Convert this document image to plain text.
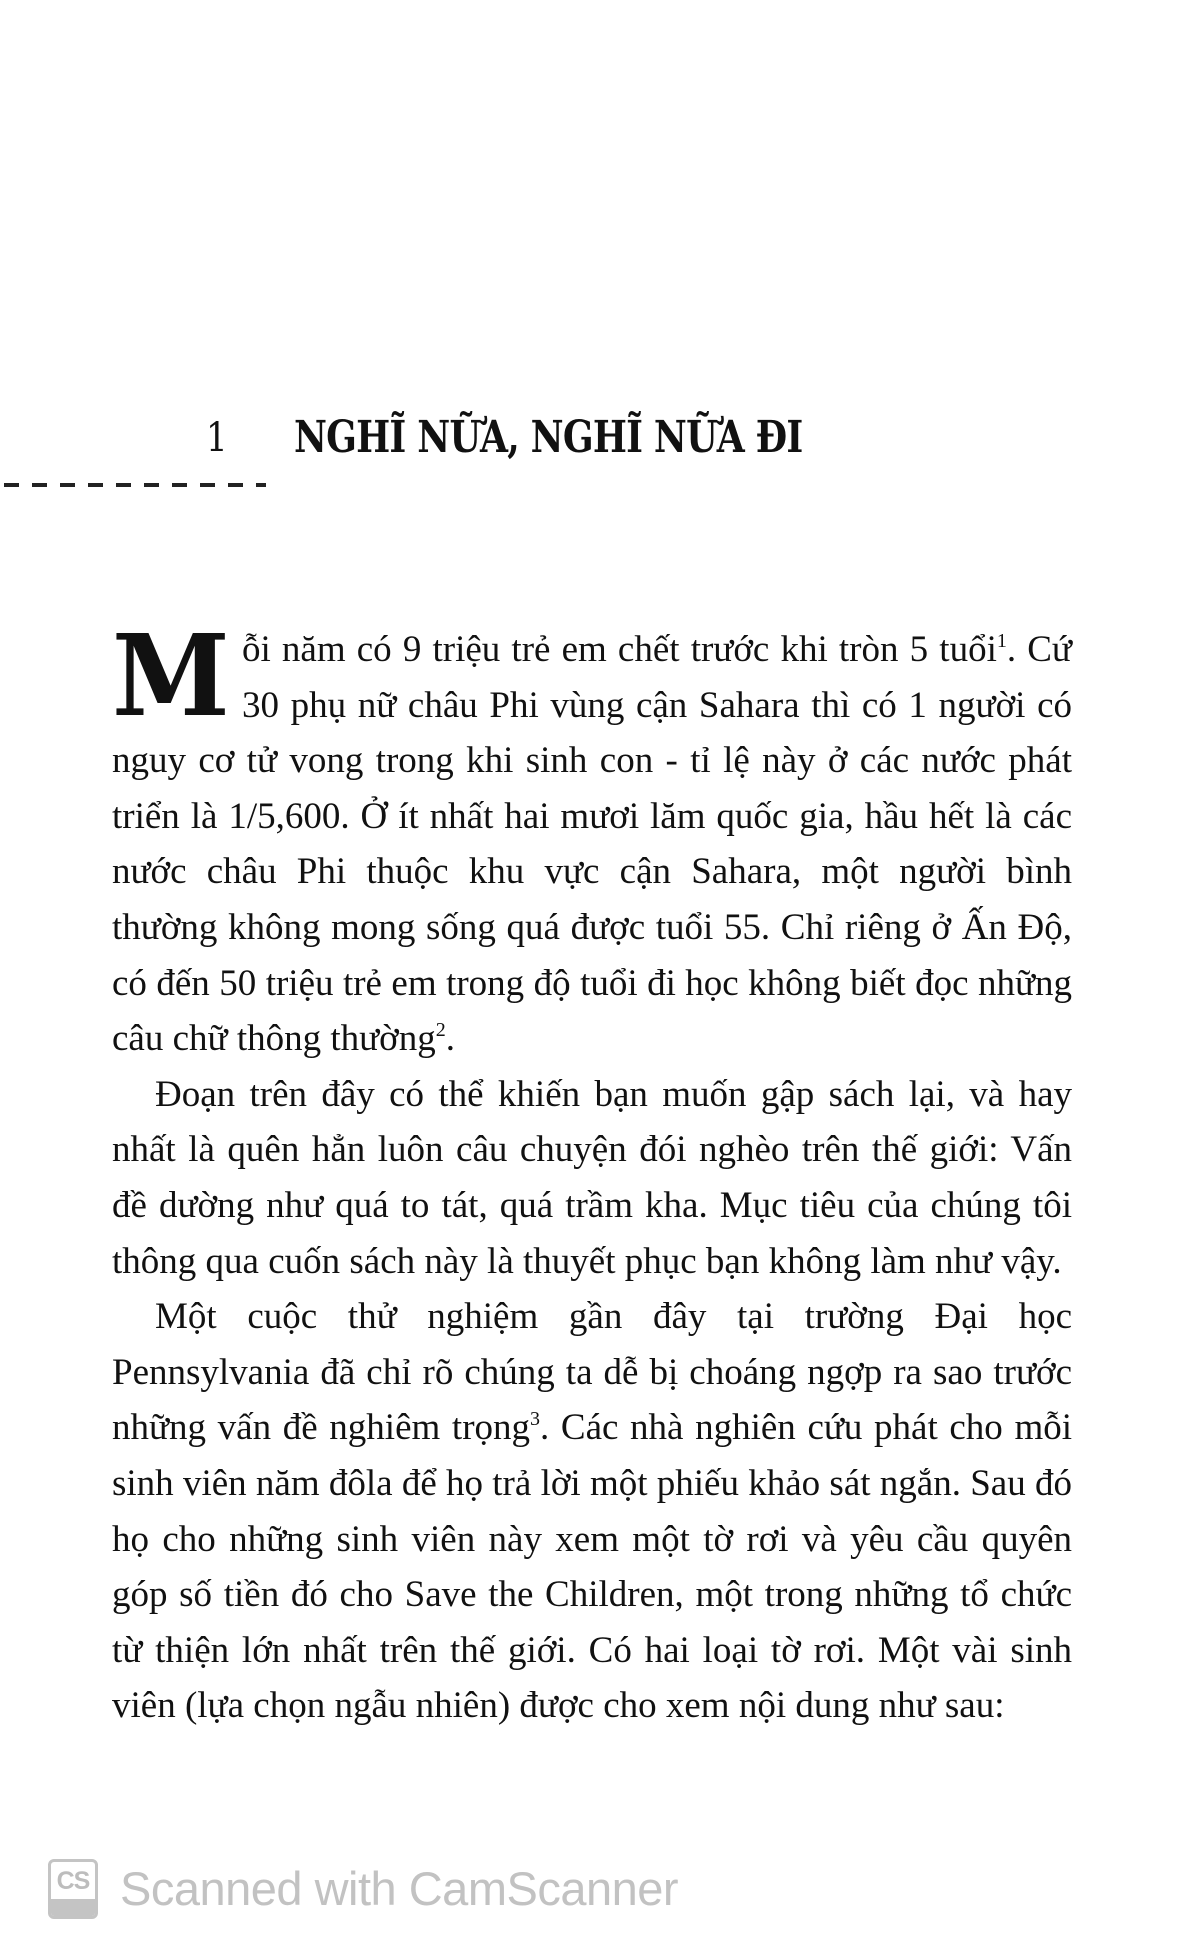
1 NGHĨ NỮA, NGHĨ NỮA ĐI

Mỗi năm có 9 triệu trẻ em chết trước khi tròn 5 tuổi$^1$. Cứ 30 phụ nữ châu Phi vùng cận Sahara thì có 1 người có nguy cơ tử vong trong khi sinh con - tỉ lệ này ở các nước phát triển là 1/5,600. Ở ít nhất hai mươi lăm quốc gia, hầu hết là các nước châu Phi thuộc khu vực cận Sahara, một người bình thường không mong sống quá được tuổi 55. Chỉ riêng ở Ấn Độ, có đến 50 triệu trẻ em trong độ tuổi đi học không biết đọc những câu chữ thông thường$^2$.

Đoạn trên đây có thể khiến bạn muốn gập sách lại, và hay nhất là quên hẳn luôn câu chuyện đói nghèo trên thế giới: Vấn đề dường như quá to tát, quá trầm kha. Mục tiêu của chúng tôi thông qua cuốn sách này là thuyết phục bạn không làm như vậy.

Một cuộc thử nghiệm gần đây tại trường Đại học Pennsylvania đã chỉ rõ chúng ta dễ bị choáng ngợp ra sao trước những vấn đề nghiêm trọng$^3$. Các nhà nghiên cứu phát cho mỗi sinh viên năm đôla để họ trả lời một phiếu khảo sát ngắn. Sau đó họ cho những sinh viên này xem một tờ rơi và yêu cầu quyên góp số tiền đó cho Save the Children, một trong những tổ chức từ thiện lớn nhất trên thế giới. Có hai loại tờ rơi. Một vài sinh viên (lựa chọn ngẫu nhiên) được cho xem nội dung như sau:

CS Scanned with CamScanner
